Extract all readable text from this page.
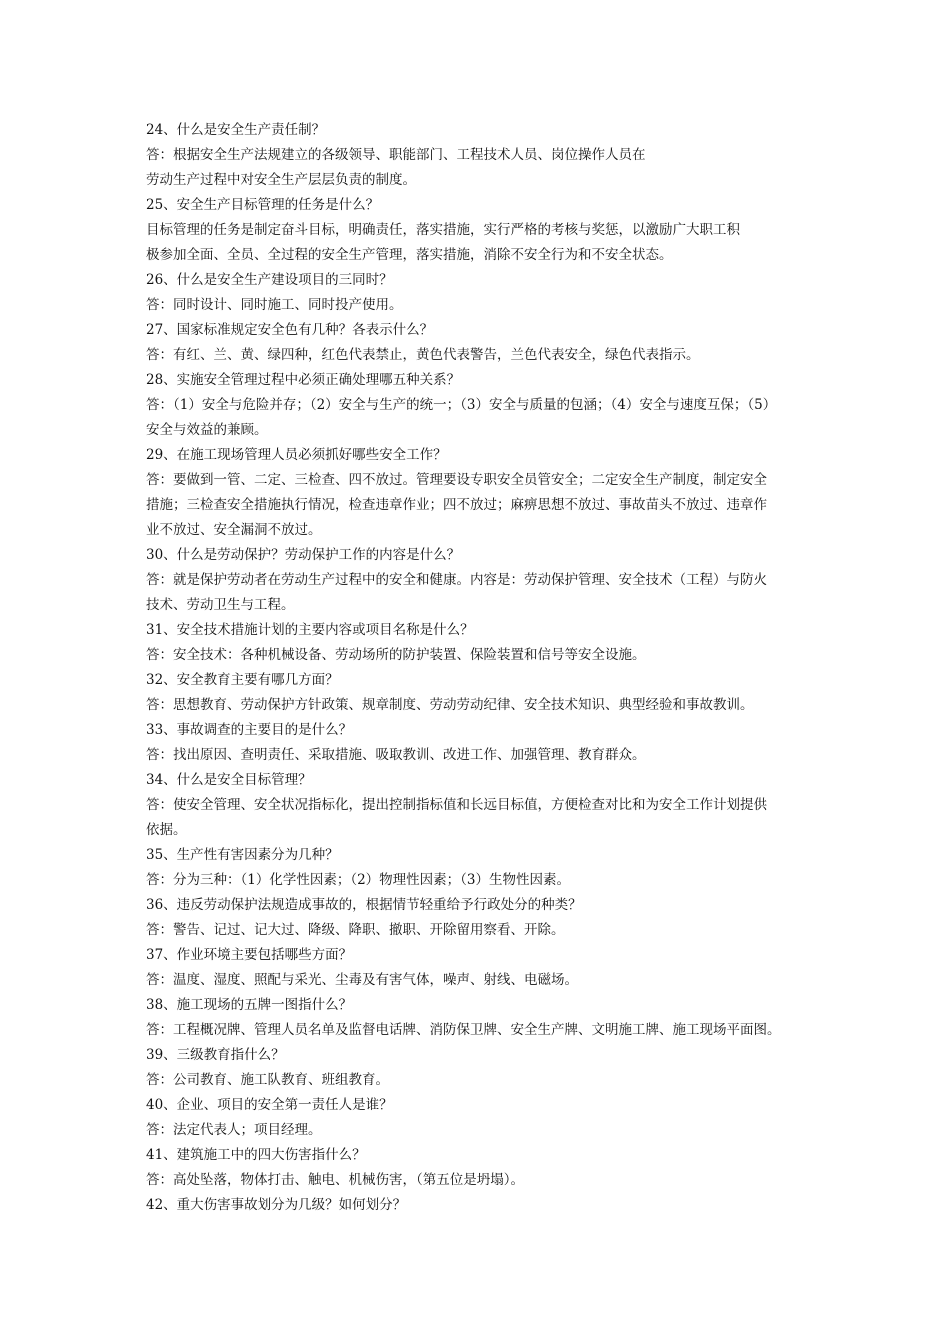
24、什么是安全生产责任制？

答：根据安全生产法规建立的各级领导、职能部门、工程技术人员、岗位操作人员在

劳动生产过程中对安全生产层层负责的制度。

25、安全生产目标管理的任务是什么？

目标管理的任务是制定奋斗目标，明确责任，落实措施，实行严格的考核与奖惩，以激励广大职工积

极参加全面、全员、全过程的安全生产管理，落实措施，消除不安全行为和不安全状态。

26、什么是安全生产建设项目的三同时？

答：同时设计、同时施工、同时投产使用。

27、国家标准规定安全色有几种？各表示什么？

答：有红、兰、黄、绿四种，红色代表禁止，黄色代表警告，兰色代表安全，绿色代表指示。

28、实施安全管理过程中必须正确处理哪五种关系？

答：（1）安全与危险并存；（2）安全与生产的统一；（3）安全与质量的包涵；（4）安全与速度互保；（5）

安全与效益的兼顾。

29、在施工现场管理人员必须抓好哪些安全工作？

答：要做到一管、二定、三检查、四不放过。管理要设专职安全员管安全；二定安全生产制度，制定安全

措施；三检查安全措施执行情况，检查违章作业；四不放过；麻痹思想不放过、事故苗头不放过、违章作

业不放过、安全漏洞不放过。

30、什么是劳动保护？劳动保护工作的内容是什么？

答：就是保护劳动者在劳动生产过程中的安全和健康。内容是：劳动保护管理、安全技术（工程）与防火

技术、劳动卫生与工程。

31、安全技术措施计划的主要内容或项目名称是什么？

答：安全技术：各种机械设备、劳动场所的防护装置、保险装置和信号等安全设施。

32、安全教育主要有哪几方面？

答：思想教育、劳动保护方针政策、规章制度、劳动劳动纪律、安全技术知识、典型经验和事故教训。

33、事故调查的主要目的是什么？

答：找出原因、查明责任、采取措施、吸取教训、改进工作、加强管理、教育群众。

34、什么是安全目标管理？

答：使安全管理、安全状况指标化，提出控制指标值和长远目标值，方便检查对比和为安全工作计划提供

依据。

35、生产性有害因素分为几种？

答：分为三种：（1）化学性因素；（2）物理性因素；（3）生物性因素。

36、违反劳动保护法规造成事故的，根据情节轻重给予行政处分的种类？

答：警告、记过、记大过、降级、降职、撤职、开除留用察看、开除。

37、作业环境主要包括哪些方面？

答：温度、湿度、照配与采光、尘毒及有害气体，噪声、射线、电磁场。

38、施工现场的五牌一图指什么？

答：工程概况牌、管理人员名单及监督电话牌、消防保卫牌、安全生产牌、文明施工牌、施工现场平面图。

39、三级教育指什么？

答：公司教育、施工队教育、班组教育。

40、企业、项目的安全第一责任人是谁？

答：法定代表人；项目经理。

41、建筑施工中的四大伤害指什么？

答：高处坠落，物体打击、触电、机械伤害，（第五位是坍塌）。

42、重大伤害事故划分为几级？如何划分？
